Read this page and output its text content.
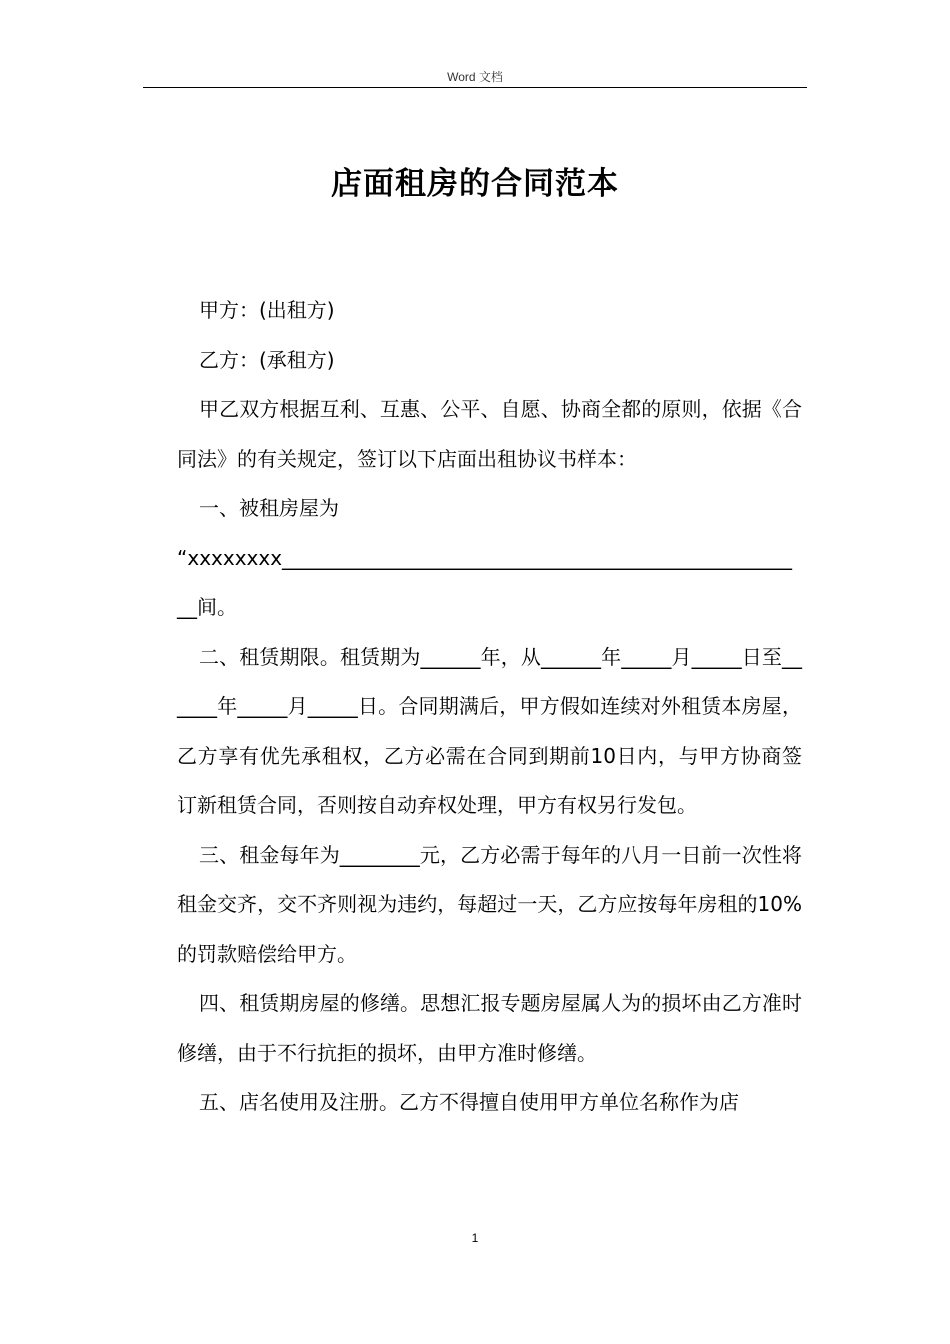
Word 文档
店面租房的合同范本

甲方：(出租方)

乙方：(承租方)

甲乙双方根据互利、互惠、公平、自愿、协商全都的原则，依据《合同法》的有关规定，签订以下店面出租协议书样本：

一、被租房屋为

“xxxxxxxx_____________________________________________________间。

二、租赁期限。租赁期为______年，从______年_____月_____日至______年_____月_____日。合同期满后，甲方假如连续对外租赁本房屋，乙方享有优先承租权，乙方必需在合同到期前10日内，与甲方协商签订新租赁合同，否则按自动弃权处理，甲方有权另行发包。

三、租金每年为________元，乙方必需于每年的八月一日前一次性将租金交齐，交不齐则视为违约，每超过一天，乙方应按每年房租的10%的罚款赔偿给甲方。

四、租赁期房屋的修缮。思想汇报专题房屋属人为的损坏由乙方准时修缮，由于不行抗拒的损坏，由甲方准时修缮。

五、店名使用及注册。乙方不得擅自使用甲方单位名称作为店

1
